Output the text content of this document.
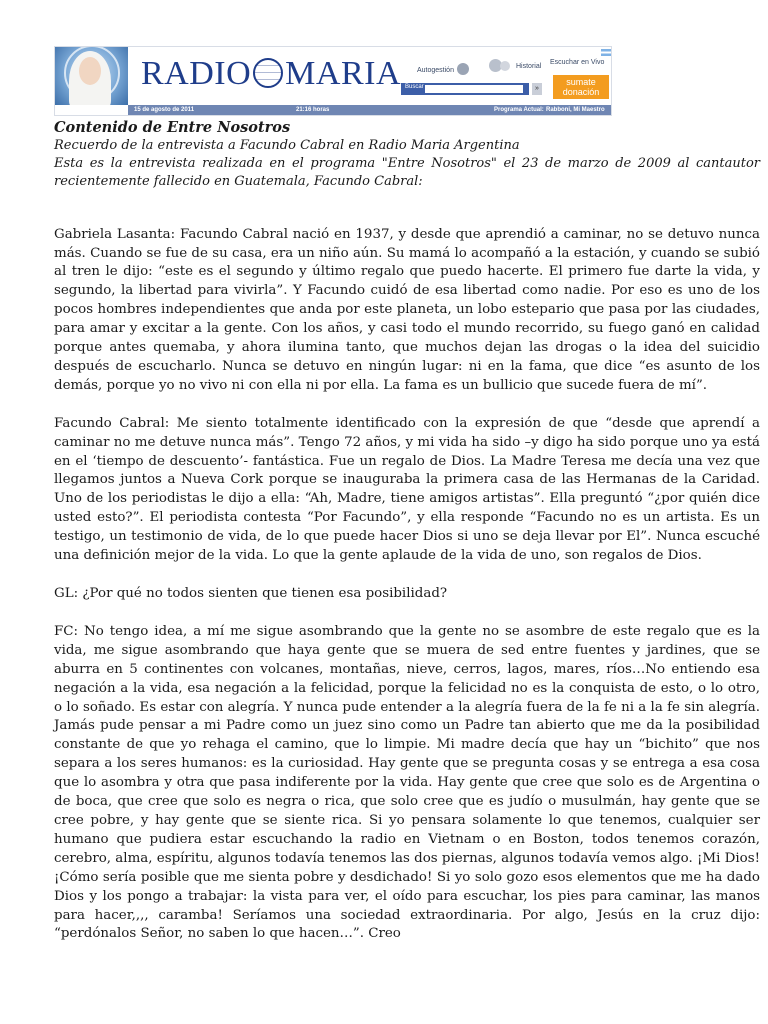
RADIO MARIA Autogestión
Historial
Escuchar en Vivo
Buscar	»
sumate
donación
15 de agosto de 2011	21:16 horas	Programa Actual: Rabboni, Mi Maestro
Contenido de Entre Nosotros

Recuerdo de la entrevista a Facundo Cabral en Radio Maria Argentina

Esta es la entrevista realizada en el programa "Entre Nosotros" el 23 de marzo de 2009 al cantautor recientemente fallecido en Guatemala, Facundo Cabral:

Gabriela Lasanta: Facundo Cabral nació en 1937, y desde que aprendió a caminar, no se detuvo nunca más. Cuando se fue de su casa, era un niño aún. Su mamá lo acompañó a la estación, y cuando se subió al tren le dijo: “este es el segundo y último regalo que puedo hacerte. El primero fue darte la vida, y segundo, la libertad para vivirla”. Y Facundo cuidó de esa libertad como nadie. Por eso es uno de los pocos hombres independientes que anda por este planeta, un lobo estepario que pasa por las ciudades, para amar y excitar a la gente. Con los años, y casi todo el mundo recorrido, su fuego ganó en calidad porque antes quemaba, y ahora ilumina tanto, que muchos dejan las drogas o la idea del suicidio después de escucharlo. Nunca se detuvo en ningún lugar: ni en la fama, que dice “es asunto de los demás, porque yo no vivo ni con ella ni por ella. La fama es un bullicio que sucede fuera de mí”.

Facundo Cabral: Me siento totalmente identificado con la expresión de que “desde que aprendí a caminar no me detuve nunca más”. Tengo 72 años, y mi vida ha sido –y digo ha sido porque uno ya está en el ‘tiempo de descuento’- fantástica. Fue un regalo de Dios. La Madre Teresa me decía una vez que llegamos juntos a Nueva Cork porque se inauguraba la primera casa de las Hermanas de la Caridad. Uno de los periodistas le dijo a ella: “Ah, Madre, tiene amigos artistas”. Ella preguntó “¿por quién dice usted esto?”. El periodista contesta “Por Facundo”, y ella responde “Facundo no es un artista. Es un testigo, un testimonio de vida, de lo que puede hacer Dios si uno se deja llevar por El”. Nunca escuché una definición mejor de la vida. Lo que la gente aplaude de la vida de uno, son regalos de Dios.

GL: ¿Por qué no todos sienten que tienen esa posibilidad?

FC: No tengo idea, a mí me sigue asombrando que la gente no se asombre de este regalo que es la vida, me sigue asombrando que haya gente que se muera de sed entre fuentes y jardines, que se aburra en 5 continentes con volcanes, montañas, nieve, cerros, lagos, mares, ríos…No entiendo esa negación a la vida, esa negación a la felicidad, porque la felicidad no es la conquista de esto, o lo otro, o lo soñado. Es estar con alegría. Y nunca pude entender a la alegría fuera de la fe ni a la fe sin alegría. Jamás pude pensar a mi Padre como un juez sino como un Padre tan abierto que me da la posibilidad constante de que yo rehaga el camino, que lo limpie. Mi madre decía que hay un “bichito” que nos separa a los seres humanos: es la curiosidad. Hay gente que se pregunta cosas y se entrega a esa cosa que lo asombra y otra que pasa indiferente por la vida. Hay gente que cree que solo es de Argentina o de boca, que cree que solo es negra o rica, que solo cree que es judío o musulmán, hay gente que se cree pobre, y hay gente que se siente rica. Si yo pensara solamente lo que tenemos, cualquier ser humano que pudiera estar escuchando la radio en Vietnam o en Boston, todos tenemos corazón, cerebro, alma, espíritu, algunos todavía tenemos las dos piernas, algunos todavía vemos algo. ¡Mi Dios! ¡Cómo sería posible que me sienta pobre y desdichado! Si yo solo gozo esos elementos que me ha dado Dios y los pongo a trabajar: la vista para ver, el oído para escuchar, los pies para caminar, las manos para hacer,,,, caramba! Seríamos una sociedad extraordinaria. Por algo, Jesús en la cruz dijo: “perdónalos Señor, no saben lo que hacen…”. Creo
